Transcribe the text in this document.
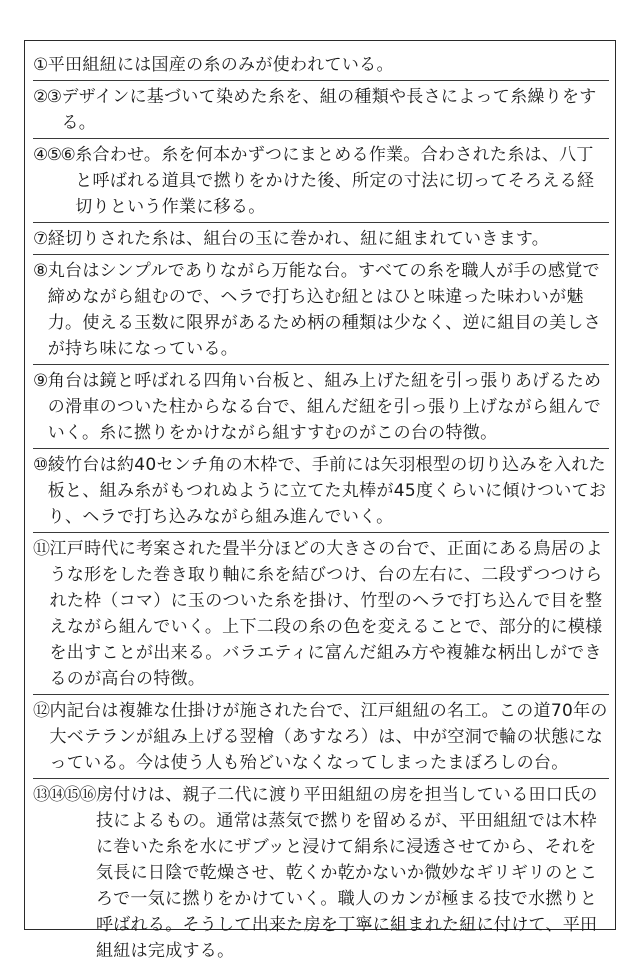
① 平田組紐には国産の糸のみが使われている。
②③ デザインに基づいて染めた糸を、組の種類や長さによって糸繰りをする。
④⑤⑥ 糸合わせ。糸を何本かずつにまとめる作業。合わされた糸は、八丁と呼ばれる道具で撚りをかけた後、所定の寸法に切ってそろえる経切りという作業に移る。
⑦ 経切りされた糸は、組台の玉に巻かれ、紐に組まれていきます。
⑧ 丸台はシンプルでありながら万能な台。すべての糸を職人が手の感覚で締めながら組むので、ヘラで打ち込む紐とはひと味違った味わいが魅力。使える玉数に限界があるため柄の種類は少なく、逆に組目の美しさが持ち味になっている。
⑨ 角台は鏡と呼ばれる四角い台板と、組み上げた紐を引っ張りあげるための滑車のついた柱からなる台で、組んだ紐を引っ張り上げながら組んでいく。糸に撚りをかけながら組すすむのがこの台の特徴。
⑩ 綾竹台は約40センチ角の木枠で、手前には矢羽根型の切り込みを入れた板と、組み糸がもつれぬように立てた丸棒が45度くらいに傾けついており、ヘラで打ち込みながら組み進んでいく。
⑪ 江戸時代に考案された畳半分ほどの大きさの台で、正面にある鳥居のような形をした巻き取り軸に糸を結びつけ、台の左右に、二段ずつつけられた枠（コマ）に玉のついた糸を掛け、竹型のヘラで打ち込んで目を整えながら組んでいく。上下二段の糸の色を変えることで、部分的に模様を出すことが出来る。バラエティに富んだ組み方や複雑な柄出しができるのが高台の特徴。
⑫ 内記台は複雑な仕掛けが施された台で、江戸組紐の名工。この道70年の大ベテランが組み上げる翌檜（あすなろ）は、中が空洞で輪の状態になっている。今は使う人も殆どいなくなってしまったまぼろしの台。
⑬⑭⑮⑯ 房付けは、親子二代に渡り平田組紐の房を担当している田口氏の技によるもの。通常は蒸気で撚りを留めるが、平田組紐では木枠に巻いた糸を水にザブッと浸けて絹糸に浸透させてから、それを気長に日陰で乾燥させ、乾くか乾かないか微妙なギリギリのところで一気に撚りをかけていく。職人のカンが極まる技で水撚りと呼ばれる。そうして出来た房を丁寧に組まれた紐に付けて、平田組紐は完成する。
